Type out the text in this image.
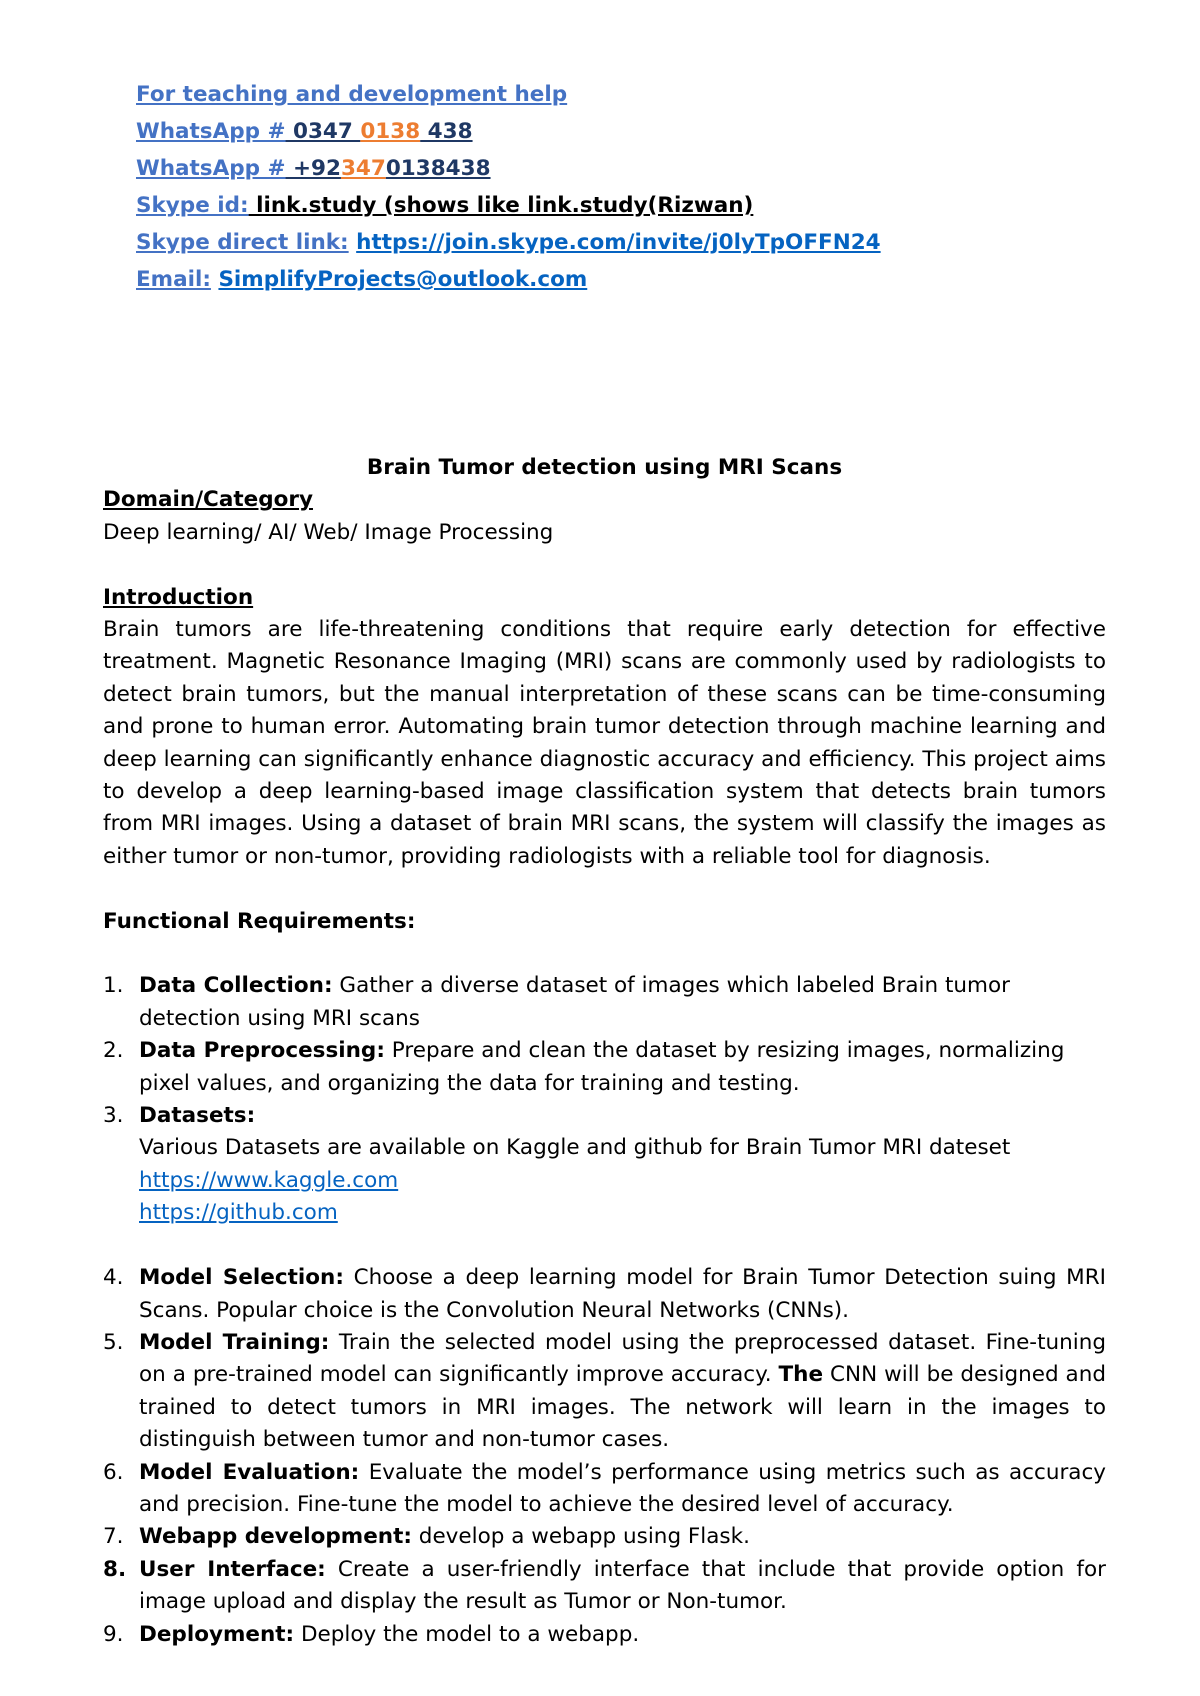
For teaching and development help
WhatsApp # 0347 0138 438
WhatsApp # +923470138438
Skype id: link.study (shows like link.study(Rizwan)
Skype direct link: https://join.skype.com/invite/j0lyTpOFFN24
Email: SimplifyProjects@outlook.com

Brain Tumor detection using MRI Scans

Domain/Category

Deep learning/ AI/ Web/ Image Processing

Introduction

Brain tumors are life-threatening conditions that require early detection for effective treatment. Magnetic Resonance Imaging (MRI) scans are commonly used by radiologists to detect brain tumors, but the manual interpretation of these scans can be time-consuming and prone to human error. Automating brain tumor detection through machine learning and deep learning can significantly enhance diagnostic accuracy and efficiency. This project aims to develop a deep learning-based image classification system that detects brain tumors from MRI images. Using a dataset of brain MRI scans, the system will classify the images as either tumor or non-tumor, providing radiologists with a reliable tool for diagnosis.

Functional Requirements:

1. Data Collection: Gather a diverse dataset of images which labeled Brain tumor detection using MRI scans
2. Data Preprocessing: Prepare and clean the dataset by resizing images, normalizing pixel values, and organizing the data for training and testing.
3. Datasets:
Various Datasets are available on Kaggle and github for Brain Tumor MRI dateset
https://www.kaggle.com
https://github.com
4. Model Selection: Choose a deep learning model for Brain Tumor Detection suing MRI Scans. Popular choice is the Convolution Neural Networks (CNNs).
5. Model Training: Train the selected model using the preprocessed dataset. Fine-tuning on a pre-trained model can significantly improve accuracy. The CNN will be designed and trained to detect tumors in MRI images. The network will learn in the images to distinguish between tumor and non-tumor cases.
6. Model Evaluation: Evaluate the model’s performance using metrics such as accuracy and precision. Fine-tune the model to achieve the desired level of accuracy.
7. Webapp development: develop a webapp using Flask.
8. User Interface: Create a user-friendly interface that include that provide option for image upload and display the result as Tumor or Non-tumor.
9. Deployment: Deploy the model to a webapp.
